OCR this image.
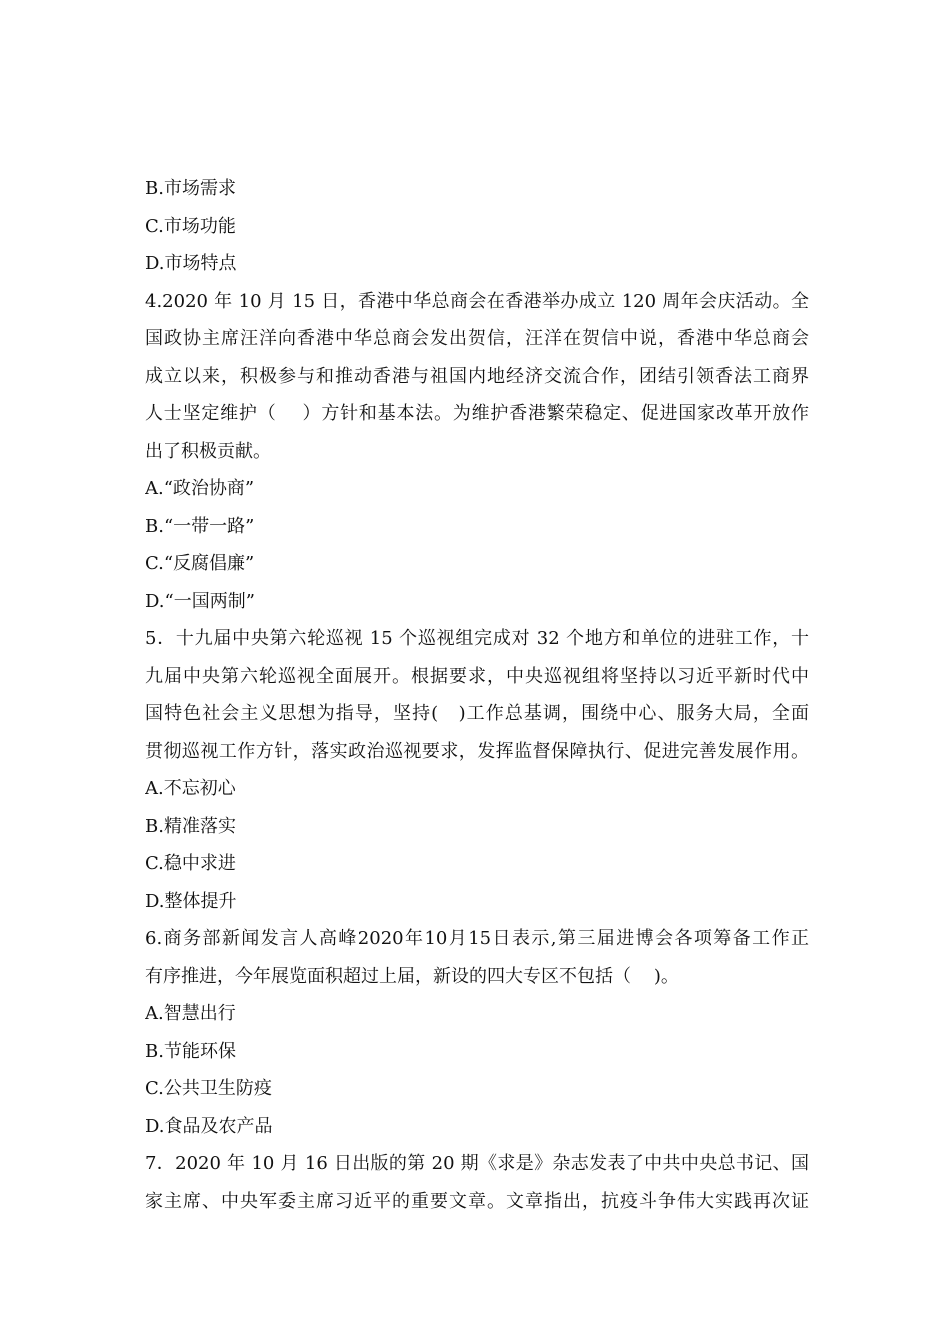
B.市场需求
C.市场功能
D.市场特点
4.2020 年 10 月 15 日，香港中华总商会在香港举办成立 120 周年会庆活动。全
国政协主席汪洋向香港中华总商会发出贺信，汪洋在贺信中说，香港中华总商会
成立以来，积极参与和推动香港与祖国内地经济交流合作，团结引领香法工商界
人士坚定维护（    ）方针和基本法。为维护香港繁荣稳定、促进国家改革开放作
出了积极贡献。
A.“政治协商”
B.“一带一路”
C.“反腐倡廉”
D.“一国两制”
5．十九届中央第六轮巡视 15 个巡视组完成对 32 个地方和单位的进驻工作，十
九届中央第六轮巡视全面展开。根据要求，中央巡视组将坚持以习近平新时代中
国特色社会主义思想为指导，坚持(   )工作总基调，围绕中心、服务大局，全面
贯彻巡视工作方针，落实政治巡视要求，发挥监督保障执行、促进完善发展作用。
A.不忘初心
B.精准落实
C.稳中求进
D.整体提升
6.商务部新闻发言人高峰2020年10月15日表示,第三届进博会各项筹备工作正
有序推进，今年展览面积超过上届，新设的四大专区不包括（    )。
A.智慧出行
B.节能环保
C.公共卫生防疫
D.食品及农产品
7．2020 年 10 月 16 日出版的第 20 期《求是》杂志发表了中共中央总书记、国
家主席、中央军委主席习近平的重要文章。文章指出，抗疫斗争伟大实践再次证
